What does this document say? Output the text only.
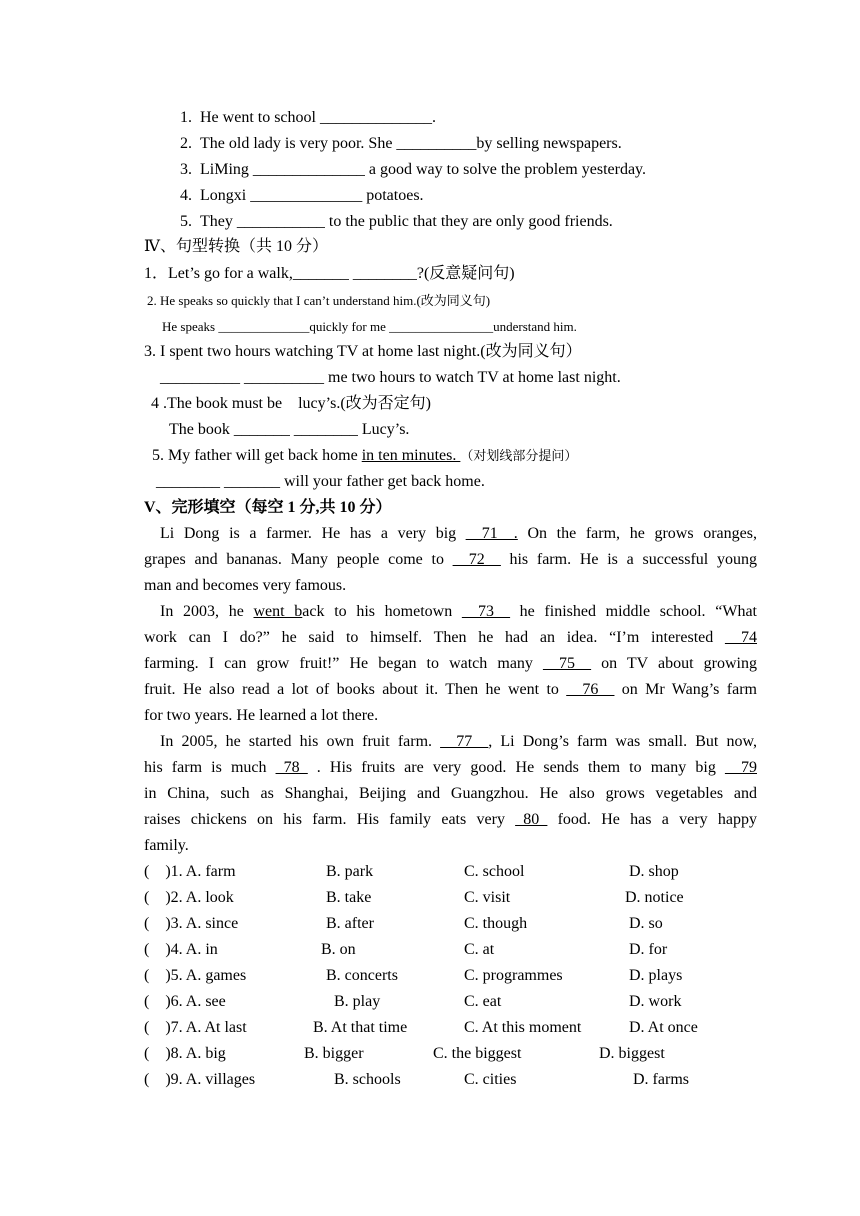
1.  He went to school ______________.
2.  The old lady is very poor. She __________by selling newspapers.
3.  LiMing ______________ a good way to solve the problem yesterday.
4.  Longxi ______________ potatoes.
5.  They ___________ to the public that they are only good friends.
Ⅳ、句型转换（共 10 分）
1．Let’s go for a walk,_______ ________?(反意疑问句)
2. He speaks so quickly that I can’t understand him.(改为同义句)
He speaks ______________quickly for me ________________understand him.
3. I spent two hours watching TV at home last night.(改为同义句）
__________ __________ me two hours to watch TV at home last night.
4 .The book must be    lucy’s.(改为否定句)
The book _______ ________ Lucy’s.
5. My father will get back home in ten minutes. （对划线部分提问）
________ _______ will your father get back home.
V、完形填空（每空 1 分,共 10 分）
Li Dong is a farmer. He has a very big __71__. On the farm, he grows oranges,
grapes and bananas. Many people come to __72__ his farm. He is a successful young
man and becomes very famous.
In 2003, he went back to his hometown __73__ he finished middle school. “What
work can I do?” he said to himself. Then he had an idea. “I’m interested __74
farming. I can grow fruit!” He began to watch many __75__ on TV about growing
fruit. He also read a lot of books about it. Then he went to __76__ on Mr Wang’s farm
for two years. He learned a lot there.
In 2005, he started his own fruit farm. __77__, Li Dong’s farm was small. But now,
his farm is much _78_ . His fruits are very good. He sends them to many big __79
in China, such as Shanghai, Beijing and Guangzhou. He also grows vegetables and
raises chickens on his farm. His family eats very _80_ food. He has a very happy
family.
(    )1. A. farm	B. park	C. school	D. shop
(    )2. A. look	B. take	C. visit	D. notice
(    )3. A. since	B. after	C. though	D. so
(    )4. A. in	B. on	C. at	D. for
(    )5. A. games	B. concerts	C. programmes	D. plays
(    )6. A. see	B. play	C. eat	D. work
(    )7. A. At last	B. At that time	C. At this moment	D. At once
(    )8. A. big	B. bigger	C. the biggest	D. biggest
(    )9. A. villages	B. schools	C. cities	D. farms
